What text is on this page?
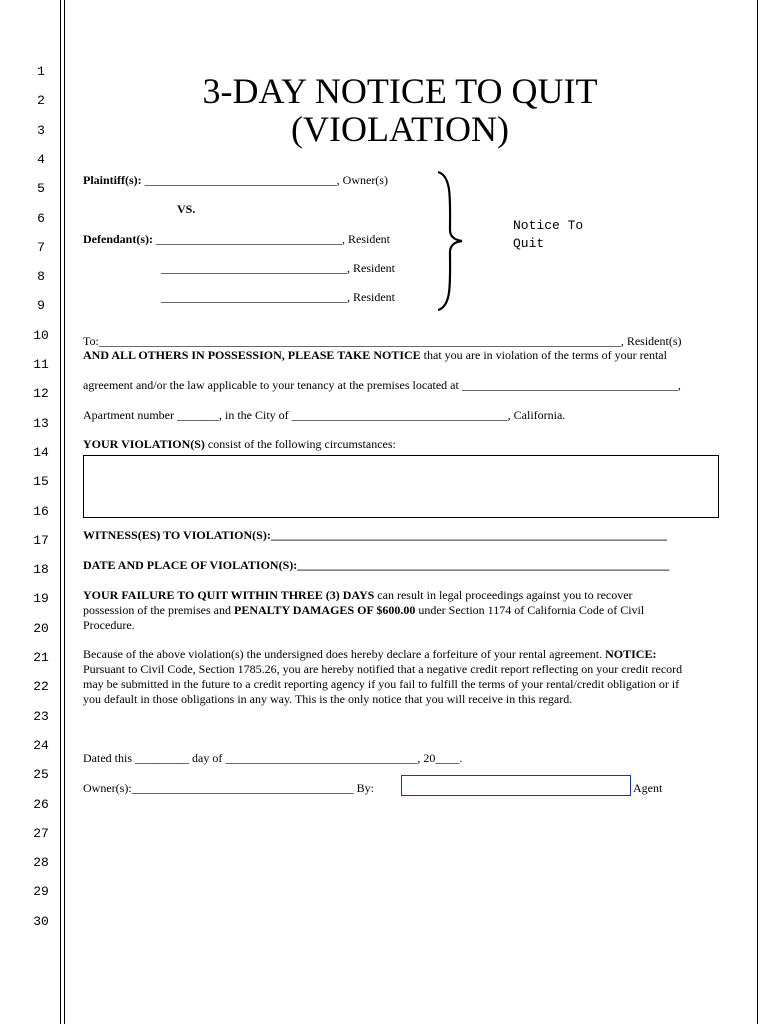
1
2
3
4
5
6
7
8
9
10
11
12
13
14
15
16
17
18
19
20
21
22
23
24
25
26
27
28
29
30
3-DAY NOTICE TO QUIT
(VIOLATION)
Plaintiff(s): ________________________________, Owner(s)
VS.
Defendant(s): _______________________________, Resident
_______________________________, Resident
_______________________________, Resident
Notice To
Quit
To:_______________________________________________________________________________________, Resident(s)
AND ALL OTHERS IN POSSESSION, PLEASE TAKE NOTICE that you are in violation of the terms of your rental
agreement and/or the law applicable to your tenancy at the premises located at ____________________________________,
Apartment number _______, in the City of ____________________________________, California.
YOUR VIOLATION(S) consist of the following circumstances:
WITNESS(ES) TO VIOLATION(S):__________________________________________________________________
DATE AND PLACE OF VIOLATION(S):______________________________________________________________
YOUR FAILURE TO QUIT WITHIN THREE (3) DAYS can result in legal proceedings against you to recover
possession of the premises and PENALTY DAMAGES OF $600.00 under Section 1174 of California Code of Civil
Procedure.
Because of the above violation(s) the undersigned does hereby declare a forfeiture of your rental agreement. NOTICE:
Pursuant to Civil Code, Section 1785.26, you are hereby notified that a negative credit report reflecting on your credit record
may be submitted in the future to a credit reporting agency if you fail to fulfill the terms of your rental/credit obligation or if
you default in those obligations in any way. This is the only notice that you will receive in this regard.
Dated this _________ day of ________________________________, 20____.
Owner(s):_____________________________________ By:	Agent
